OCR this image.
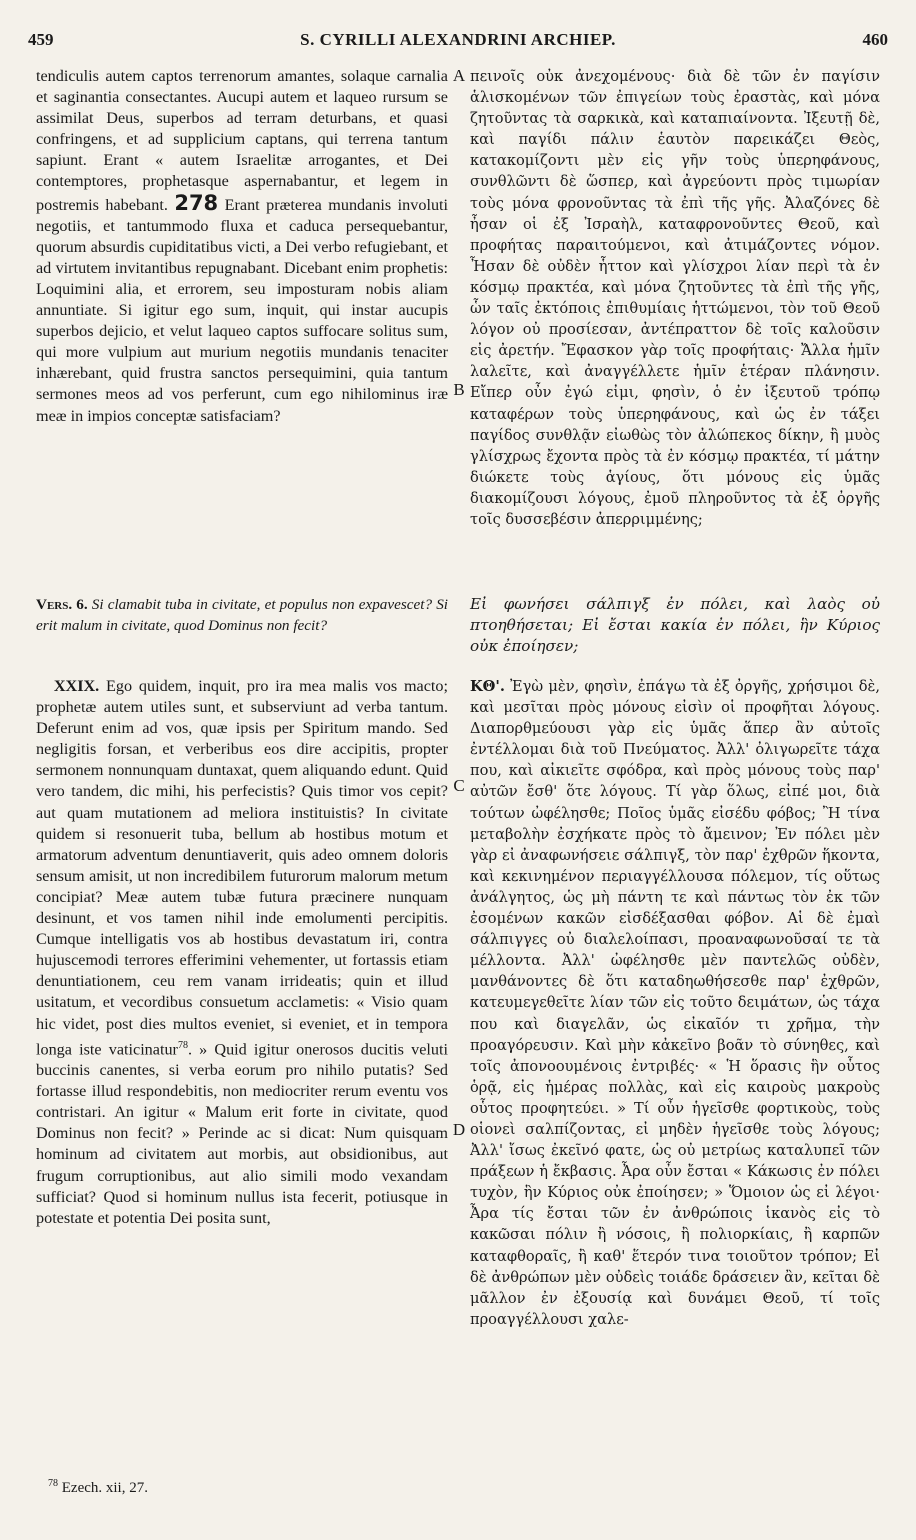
459	S. CYRILLI ALEXANDRINI ARCHIEP.	460
A
B
C
D

tendiculis autem captos terrenorum amantes, solaque carnalia et saginantia consectantes. Aucupi autem et laqueo rursum se assimilat Deus, superbos ad terram deturbans, et quasi confringens, et ad supplicium captans, qui terrena tantum sapiunt. Erant « autem Israelitæ arrogantes, et Dei contemptores, prophetasque aspernabantur, et legem in postremis habebant. 278 Erant præterea mundanis involuti negotiis, et tantummodo fluxa et caduca persequebantur, quorum absurdis cupiditatibus victi, a Dei verbo refugiebant, et ad virtutem invitantibus repugnabant. Dicebant enim prophetis: Loquimini alia, et errorem, seu imposturam nobis aliam annuntiate. Si igitur ego sum, inquit, qui instar aucupis superbos dejicio, et velut laqueo captos suffocare solitus sum, qui more vulpium aut murium negotiis mundanis tenaciter inhærebant, quid frustra sanctos persequimini, quia tantum sermones meos ad vos perferunt, cum ego nihilominus iræ meæ in impios conceptæ satisfaciam?

Vers. 6. Si clamabit tuba in civitate, et populus non expavescet? Si erit malum in civitate, quod Dominus non fecit?

XXIX. Ego quidem, inquit, pro ira mea malis vos macto; prophetæ autem utiles sunt, et subserviunt ad verba tantum. Deferunt enim ad vos, quæ ipsis per Spiritum mando. Sed negligitis forsan, et verberibus eos dire accipitis, propter sermonem nonnunquam duntaxat, quem aliquando edunt. Quid vero tandem, dic mihi, his perfecistis? Quis timor vos cepit? aut quam mutationem ad meliora instituistis? In civitate quidem si resonuerit tuba, bellum ab hostibus motum et armatorum adventum denuntiaverit, quis adeo omnem doloris sensum amisit, ut non incredibilem futurorum malorum metum concipiat? Meæ autem tubæ futura præcinere nunquam desinunt, et vos tamen nihil inde emolumenti percipitis. Cumque intelligatis vos ab hostibus devastatum iri, contra hujuscemodi terrores efferimini vehementer, ut fortassis etiam denuntiationem, ceu rem vanam irrideatis; quin et illud usitatum, et vecordibus consuetum acclametis: « Visio quam hic videt, post dies multos eveniet, si eveniet, et in tempora longa iste vaticinatur$^{78}$. » Quid igitur onerosos ducitis veluti buccinis canentes, si verba eorum pro nihilo putatis? Sed fortasse illud respondebitis, non mediocriter rerum eventu vos contristari. An igitur « Malum erit forte in civitate, quod Dominus non fecit? » Perinde ac si dicat: Num quisquam hominum ad civitatem aut morbis, aut obsidionibus, aut frugum corruptionibus, aut alio simili modo vexandam sufficiat? Quod si hominum nullus ista fecerit, potiusque in potestate et potentia Dei posita sunt,

πεινοῖς οὐκ ἀνεχομένους· διὰ δὲ τῶν ἐν παγίσιν ἁλισκομένων τῶν ἐπιγείων τοὺς ἐραστὰς, καὶ μόνα ζητοῦντας τὰ σαρκικὰ, καὶ καταπιαίνοντα. Ἰξευτῇ δὲ, καὶ παγίδι πάλιν ἑαυτὸν παρεικάζει Θεὸς, κατακομίζοντι μὲν εἰς γῆν τοὺς ὑπερηφάνους, συνθλῶντι δὲ ὥσπερ, καὶ ἀγρεύοντι πρὸς τιμωρίαν τοὺς μόνα φρονοῦντας τὰ ἐπὶ τῆς γῆς. Ἀλαζόνες δὲ ἦσαν οἱ ἐξ Ἰσραὴλ, καταφρονοῦντες Θεοῦ, καὶ προφήτας παραιτούμενοι, καὶ ἀτιμάζοντες νόμον. Ἦσαν δὲ οὐδὲν ἧττον καὶ γλίσχροι λίαν περὶ τὰ ἐν κόσμῳ πρακτέα, καὶ μόνα ζητοῦντες τὰ ἐπὶ τῆς γῆς, ὧν ταῖς ἐκτόποις ἐπιθυμίαις ἡττώμενοι, τὸν τοῦ Θεοῦ λόγον οὐ προσίεσαν, ἀντέπραττον δὲ τοῖς καλοῦσιν εἰς ἀρετήν. Ἔφασκον γὰρ τοῖς προφήταις· Ἄλλα ἡμῖν λαλεῖτε, καὶ ἀναγγέλλετε ἡμῖν ἑτέραν πλάνησιν. Εἴπερ οὖν ἐγώ εἰμι, φησὶν, ὁ ἐν ἰξευτοῦ τρόπῳ καταφέρων τοὺς ὑπερηφάνους, καὶ ὡς ἐν τάξει παγίδος συνθλᾷν εἰωθὼς τὸν ἀλώπεκος δίκην, ἢ μυὸς γλίσχρως ἔχοντα πρὸς τὰ ἐν κόσμῳ πρακτέα, τί μάτην διώκετε τοὺς ἁγίους, ὅτι μόνους εἰς ὑμᾶς διακομίζουσι λόγους, ἐμοῦ πληροῦντος τὰ ἐξ ὀργῆς τοῖς δυσσεβέσιν ἀπερριμμένης;

Εἰ φωνήσει σάλπιγξ ἐν πόλει, καὶ λαὸς οὐ πτοηθήσεται; Εἰ ἔσται κακία ἐν πόλει, ἣν Κύριος οὐκ ἐποίησεν;

ΚΘ'. Ἐγὼ μὲν, φησὶν, ἐπάγω τὰ ἐξ ὀργῆς, χρήσιμοι δὲ, καὶ μεσῖται πρὸς μόνους εἰσὶν οἱ προφῆται λόγους. Διαπορθμεύουσι γὰρ εἰς ὑμᾶς ἅπερ ἂν αὐτοῖς ἐντέλλομαι διὰ τοῦ Πνεύματος. Ἀλλ' ὀλιγωρεῖτε τάχα που, καὶ αἰκιεῖτε σφόδρα, καὶ πρὸς μόνους τοὺς παρ' αὐτῶν ἔσθ' ὅτε λόγους. Τί γὰρ ὅλως, εἰπέ μοι, διὰ τούτων ὠφέλησθε; Ποῖος ὑμᾶς εἰσέδυ φόβος; Ἢ τίνα μεταβολὴν ἐσχήκατε πρὸς τὸ ἄμεινον; Ἐν πόλει μὲν γὰρ εἰ ἀναφωνήσειε σάλπιγξ, τὸν παρ' ἐχθρῶν ἥκοντα, καὶ κεκινημένον περιαγγέλλουσα πόλεμον, τίς οὕτως ἀνάλγητος, ὡς μὴ πάντη τε καὶ πάντως τὸν ἐκ τῶν ἐσομένων κακῶν εἰσδέξασθαι φόβον. Αἱ δὲ ἐμαὶ σάλπιγγες οὐ διαλελοίπασι, προαναφωνοῦσαί τε τὰ μέλλοντα. Ἀλλ' ὠφέλησθε μὲν παντελῶς οὐδὲν, μανθάνοντες δὲ ὅτι καταδηωθήσεσθε παρ' ἐχθρῶν, κατευμεγεθεῖτε λίαν τῶν εἰς τοῦτο δειμάτων, ὡς τάχα που καὶ διαγελᾶν, ὡς εἰκαῖόν τι χρῆμα, τὴν προαγόρευσιν. Καὶ μὴν κἀκεῖνο βοᾶν τὸ σύνηθες, καὶ τοῖς ἀπονοουμένοις ἐντριβές· « Ἡ ὅρασις ἣν οὗτος ὁρᾷ, εἰς ἡμέρας πολλὰς, καὶ εἰς καιροὺς μακροὺς οὗτος προφητεύει. » Τί οὖν ἡγεῖσθε φορτικοὺς, τοὺς οἱονεὶ σαλπίζοντας, εἰ μηδὲν ἡγεῖσθε τοὺς λόγους; Ἀλλ' ἴσως ἐκεῖνό φατε, ὡς οὐ μετρίως καταλυπεῖ τῶν πράξεων ἡ ἔκβασις. Ἆρα οὖν ἔσται « Κάκωσις ἐν πόλει τυχὸν, ἣν Κύριος οὐκ ἐποίησεν; » Ὅμοιον ὡς εἰ λέγοι· Ἆρα τίς ἔσται τῶν ἐν ἀνθρώποις ἱκανὸς εἰς τὸ κακῶσαι πόλιν ἢ νόσοις, ἢ πολιορκίαις, ἢ καρπῶν καταφθοραῖς, ἢ καθ' ἕτερόν τινα τοιοῦτον τρόπον; Εἰ δὲ ἀνθρώπων μὲν οὐδεὶς τοιάδε δράσειεν ἂν, κεῖται δὲ μᾶλλον ἐν ἐξουσίᾳ καὶ δυνάμει Θεοῦ, τί τοῖς προαγγέλλουσι χαλε-

$^{78}$ Ezech. xii, 27.
